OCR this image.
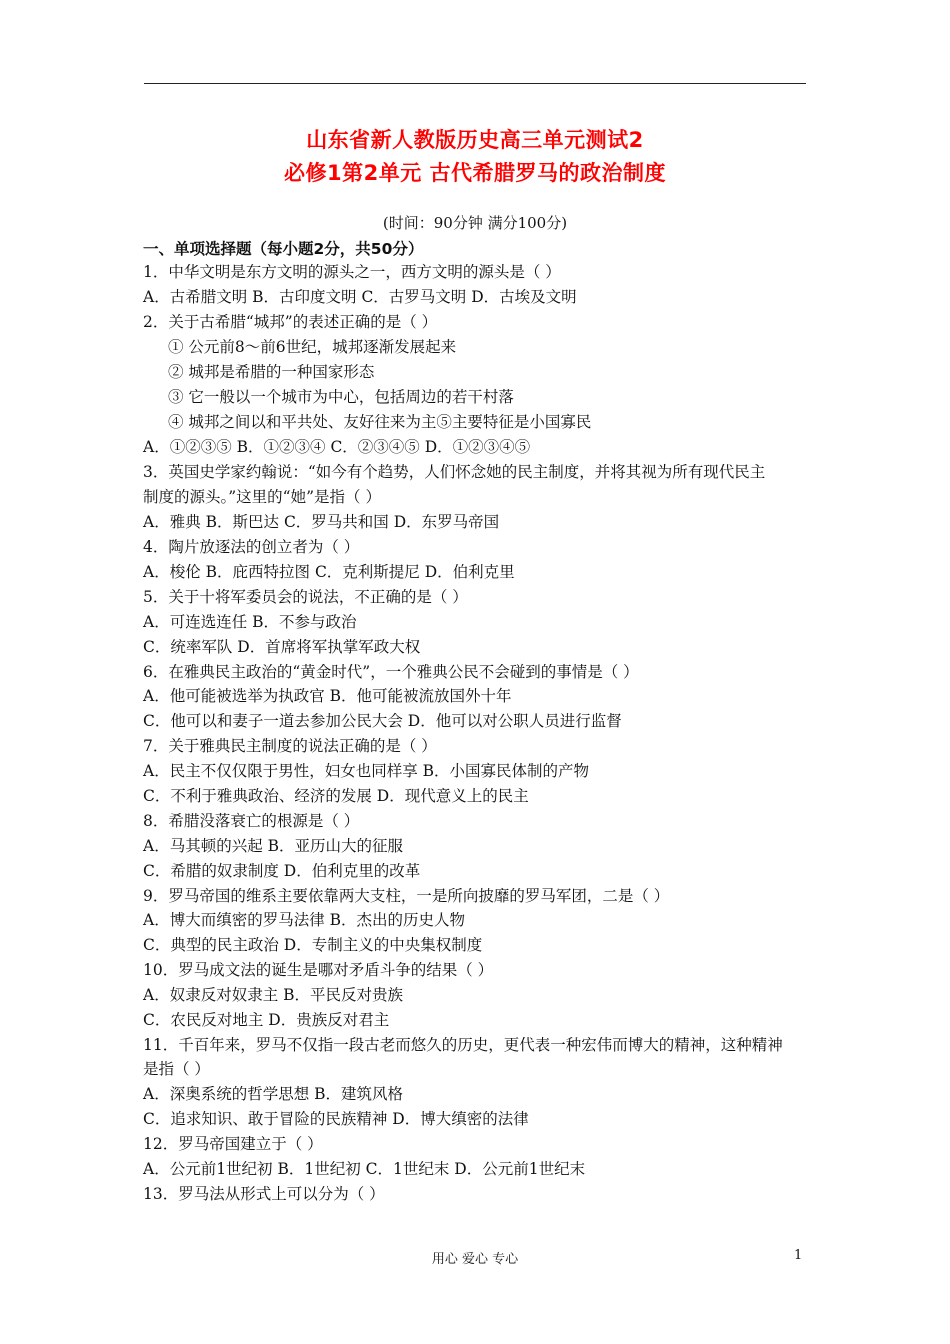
山东省新人教版历史高三单元测试2
必修1第2单元 古代希腊罗马的政治制度
(时间：90分钟 满分100分)
一、单项选择题（每小题2分，共50分）
1．中华文明是东方文明的源头之一，西方文明的源头是（ ）
A．古希腊文明 B．古印度文明 C．古罗马文明 D．古埃及文明
2．关于古希腊“城邦”的表述正确的是（ ）
① 公元前8～前6世纪，城邦逐渐发展起来
② 城邦是希腊的一种国家形态
③ 它一般以一个城市为中心，包括周边的若干村落
④ 城邦之间以和平共处、友好往来为主⑤主要特征是小国寡民
A．①②③⑤ B．①②③④ C．②③④⑤ D．①②③④⑤
3．英国史学家约翰说：“如今有个趋势，人们怀念她的民主制度，并将其视为所有现代民主
制度的源头。”这里的“她”是指（ ）
A．雅典 B．斯巴达 C．罗马共和国 D．东罗马帝国
4．陶片放逐法的创立者为（ ）
A．梭伦 B．庇西特拉图 C．克利斯提尼 D．伯利克里
5．关于十将军委员会的说法，不正确的是（ ）
A．可连选连任 B．不参与政治
C．统率军队 D．首席将军执掌军政大权
6．在雅典民主政治的“黄金时代”，一个雅典公民不会碰到的事情是（ ）
A．他可能被选举为执政官 B．他可能被流放国外十年
C．他可以和妻子一道去参加公民大会 D．他可以对公职人员进行监督
7．关于雅典民主制度的说法正确的是（ ）
A．民主不仅仅限于男性，妇女也同样享 B．小国寡民体制的产物
C．不利于雅典政治、经济的发展 D．现代意义上的民主
8．希腊没落衰亡的根源是（ ）
A．马其顿的兴起 B．亚历山大的征服
C．希腊的奴隶制度 D．伯利克里的改革
9．罗马帝国的维系主要依靠两大支柱，一是所向披靡的罗马军团，二是（ ）
A．博大而缜密的罗马法律 B．杰出的历史人物
C．典型的民主政治 D．专制主义的中央集权制度
10．罗马成文法的诞生是哪对矛盾斗争的结果（ ）
A．奴隶反对奴隶主 B．平民反对贵族
C．农民反对地主 D．贵族反对君主
11．千百年来，罗马不仅指一段古老而悠久的历史，更代表一种宏伟而博大的精神，这种精神
是指（ ）
A．深奥系统的哲学思想 B．建筑风格
C．追求知识、敢于冒险的民族精神 D．博大缜密的法律
12．罗马帝国建立于（ ）
A．公元前1世纪初 B．1世纪初 C．1世纪末 D．公元前1世纪末
13．罗马法从形式上可以分为（ ）
用心 爱心 专心	1
